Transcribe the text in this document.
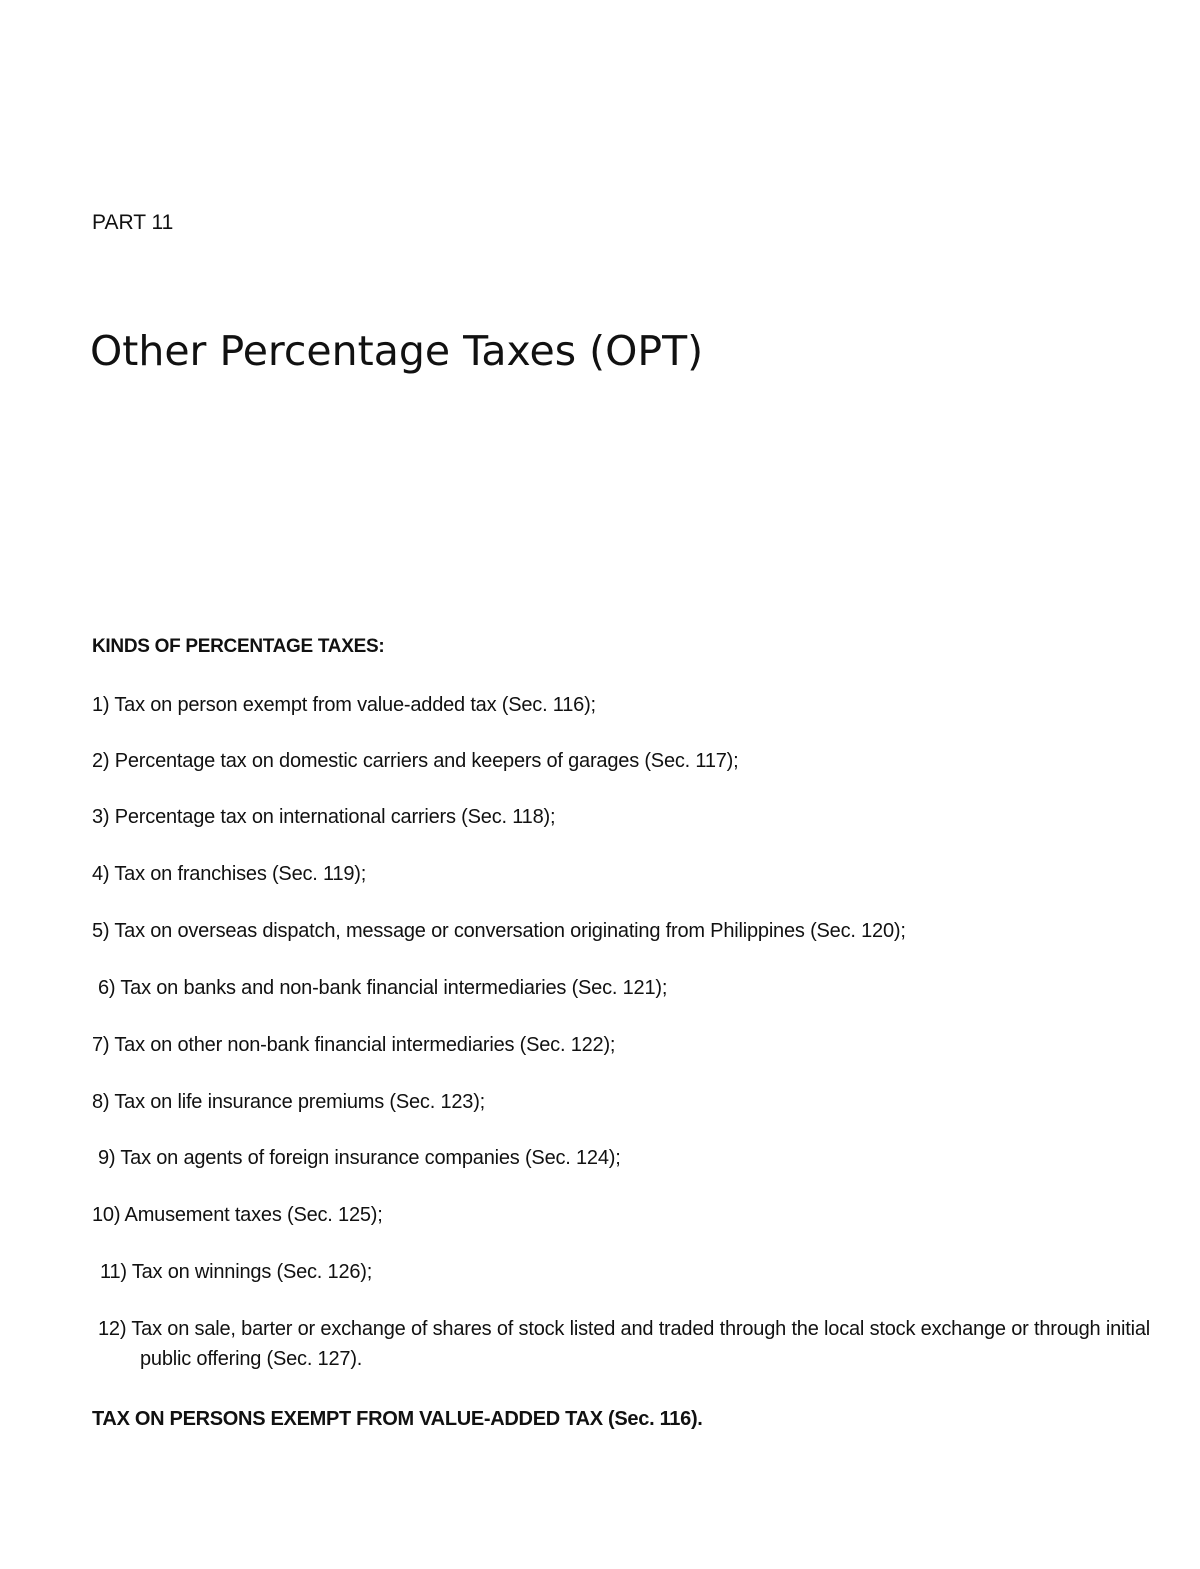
PART 11
Other Percentage Taxes (OPT)
KINDS OF PERCENTAGE TAXES:
1) Tax on person exempt from value-added tax (Sec. 116);
2) Percentage tax on domestic carriers and keepers of garages (Sec. 117);
3) Percentage tax on international carriers (Sec. 118);
4) Tax on franchises (Sec. 119);
5) Tax on overseas dispatch, message or conversation originating from Philippines (Sec. 120);
6) Tax on banks and non-bank financial intermediaries (Sec. 121);
7) Tax on other non-bank financial intermediaries (Sec. 122);
8) Tax on life insurance premiums (Sec. 123);
9) Tax on agents of foreign insurance companies (Sec. 124);
10) Amusement taxes (Sec. 125);
11) Tax on winnings (Sec. 126);
12) Tax on sale, barter or exchange of shares of stock listed and traded through the local stock exchange or through initial public offering (Sec. 127).
TAX ON PERSONS EXEMPT FROM VALUE-ADDED TAX (Sec. 116).
